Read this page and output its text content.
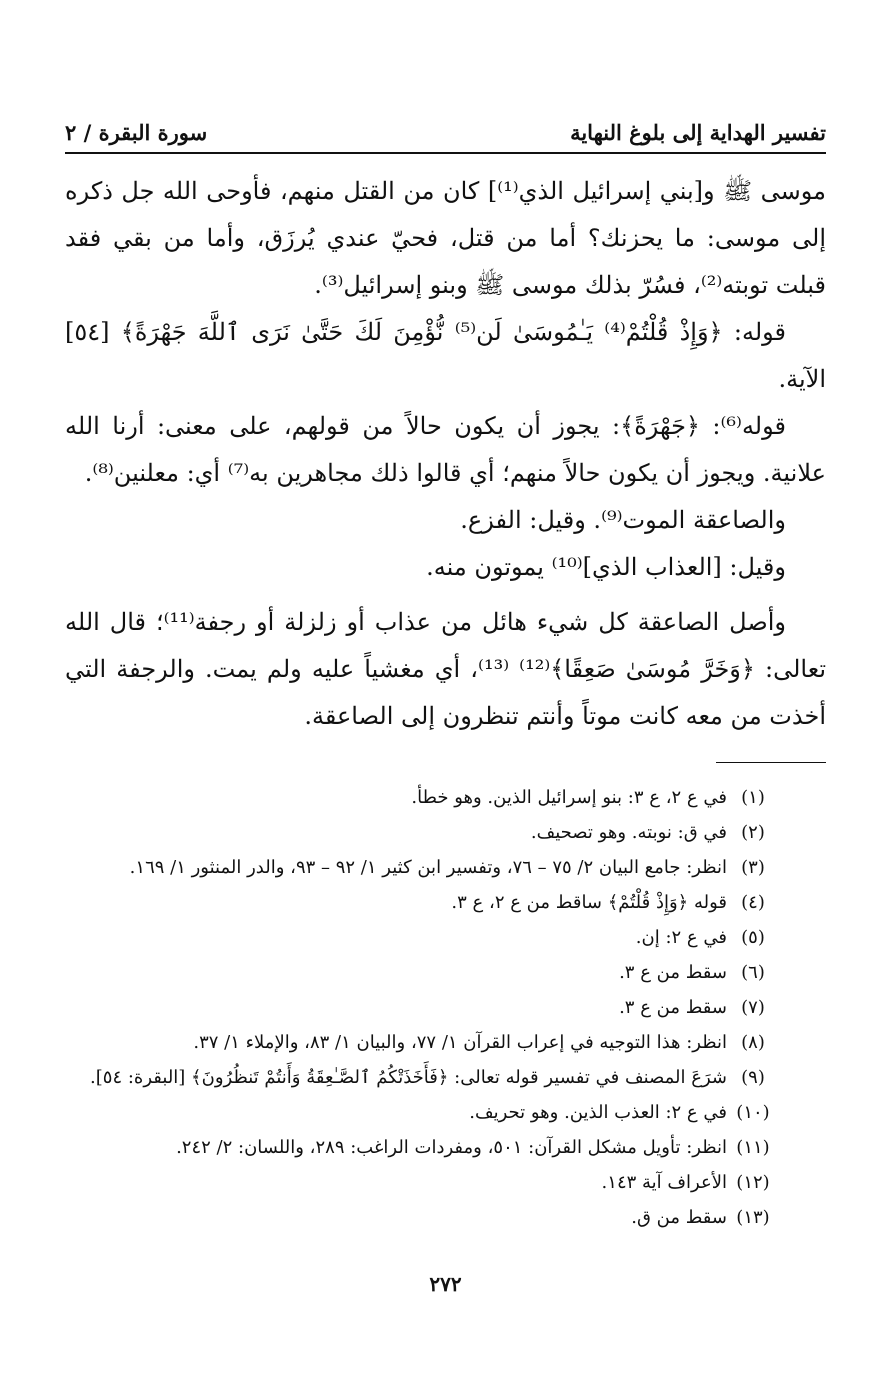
تفسير الهداية إلى بلوغ النهاية
سورة البقرة / ٢

موسى ﷺ و[بني إسرائيل الذي⁽¹⁾] كان من القتل منهم، فأوحى الله جل ذكره إلى موسى: ما يحزنك؟ أما من قتل، فحيّ عندي يُرزَق، وأما من بقي فقد قبلت توبته⁽²⁾، فسُرّ بذلك موسى ﷺ وبنو إسرائيل⁽³⁾.

قوله: ﴿وَإِذْ قُلْتُمْ⁽⁴⁾ يَـٰمُوسَىٰ لَن⁽⁵⁾ نُّؤْمِنَ لَكَ حَتَّىٰ نَرَى ٱللَّهَ جَهْرَةً﴾ [٥٤] الآية.

قوله⁽⁶⁾: ﴿جَهْرَةً﴾: يجوز أن يكون حالاً من قولهم، على معنى: أرنا الله علانية. ويجوز أن يكون حالاً منهم؛ أي قالوا ذلك مجاهرين به⁽⁷⁾ أي: معلنين⁽⁸⁾.

والصاعقة الموت⁽⁹⁾. وقيل: الفزع.

وقيل: [العذاب الذي]⁽¹⁰⁾ يموتون منه.

وأصل الصاعقة كل شيء هائل من عذاب أو زلزلة أو رجفة⁽¹¹⁾؛ قال الله تعالى: ﴿وَخَرَّ مُوسَىٰ صَعِقًا﴾⁽¹²⁾ ⁽¹³⁾، أي مغشياً عليه ولم يمت. والرجفة التي أخذت من معه كانت موتاً وأنتم تنظرون إلى الصاعقة.

(١)
في ع ٢، ع ٣: بنو إسرائيل الذين. وهو خطأ.
(٢)
في ق: نوبته. وهو تصحيف.
(٣)
انظر: جامع البيان ٢/ ٧٥ – ٧٦، وتفسير ابن كثير ١/ ٩٢ – ٩٣، والدر المنثور ١/ ١٦٩.
(٤)
قوله ﴿وَإِذْ قُلْتُمْ﴾ ساقط من ع ٢، ع ٣.
(٥)
في ع ٢: إن.
(٦)
سقط من ع ٣.
(٧)
سقط من ع ٣.
(٨)
انظر: هذا التوجيه في إعراب القرآن ١/ ٧٧، والبيان ١/ ٨٣، والإملاء ١/ ٣٧.
(٩)
شرَعَ المصنف في تفسير قوله تعالى: ﴿فَأَخَذَتْكُمُ ٱلصَّـٰعِقَةُ وَأَنتُمْ تَنظُرُونَ﴾ [البقرة: ٥٤].
(١٠)
في ع ٢: العذب الذين. وهو تحريف.
(١١)
انظر: تأويل مشكل القرآن: ٥٠١، ومفردات الراغب: ٢٨٩، واللسان: ٢/ ٢٤٢.
(١٢)
الأعراف آية ١٤٣.
(١٣)
سقط من ق.
٢٧٢
